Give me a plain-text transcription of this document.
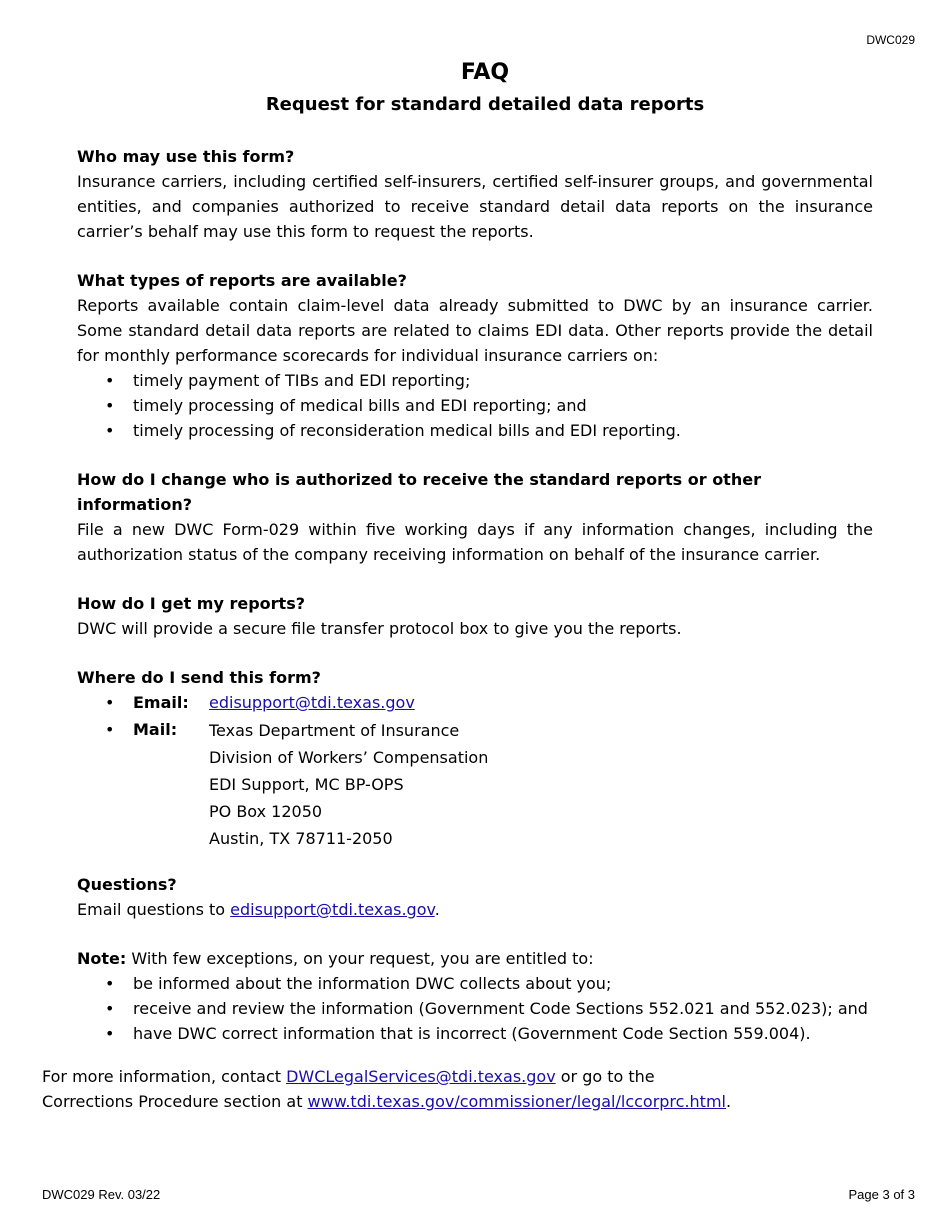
DWC029
FAQ
Request for standard detailed data reports
Who may use this form?
Insurance carriers, including certified self-insurers, certified self-insurer groups, and governmental entities, and companies authorized to receive standard detail data reports on the insurance carrier’s behalf may use this form to request the reports.
What types of reports are available?
Reports available contain claim-level data already submitted to DWC by an insurance carrier. Some standard detail data reports are related to claims EDI data. Other reports provide the detail for monthly performance scorecards for individual insurance carriers on:
• timely payment of TIBs and EDI reporting;
• timely processing of medical bills and EDI reporting; and
• timely processing of reconsideration medical bills and EDI reporting.
How do I change who is authorized to receive the standard reports or other information?
File a new DWC Form-029 within five working days if any information changes, including the authorization status of the company receiving information on behalf of the insurance carrier.
How do I get my reports?
DWC will provide a secure file transfer protocol box to give you the reports.
Where do I send this form?
• Email: edisupport@tdi.texas.gov
• Mail: Texas Department of Insurance
Division of Workers’ Compensation
EDI Support, MC BP-OPS
PO Box 12050
Austin, TX 78711-2050
Questions?
Email questions to edisupport@tdi.texas.gov.
Note: With few exceptions, on your request, you are entitled to:
• be informed about the information DWC collects about you;
• receive and review the information (Government Code Sections 552.021 and 552.023); and
• have DWC correct information that is incorrect (Government Code Section 559.004).
For more information, contact DWCLegalServices@tdi.texas.gov or go to the
Corrections Procedure section at www.tdi.texas.gov/commissioner/legal/lccorprc.html.
DWC029 Rev. 03/22	Page 3 of 3
